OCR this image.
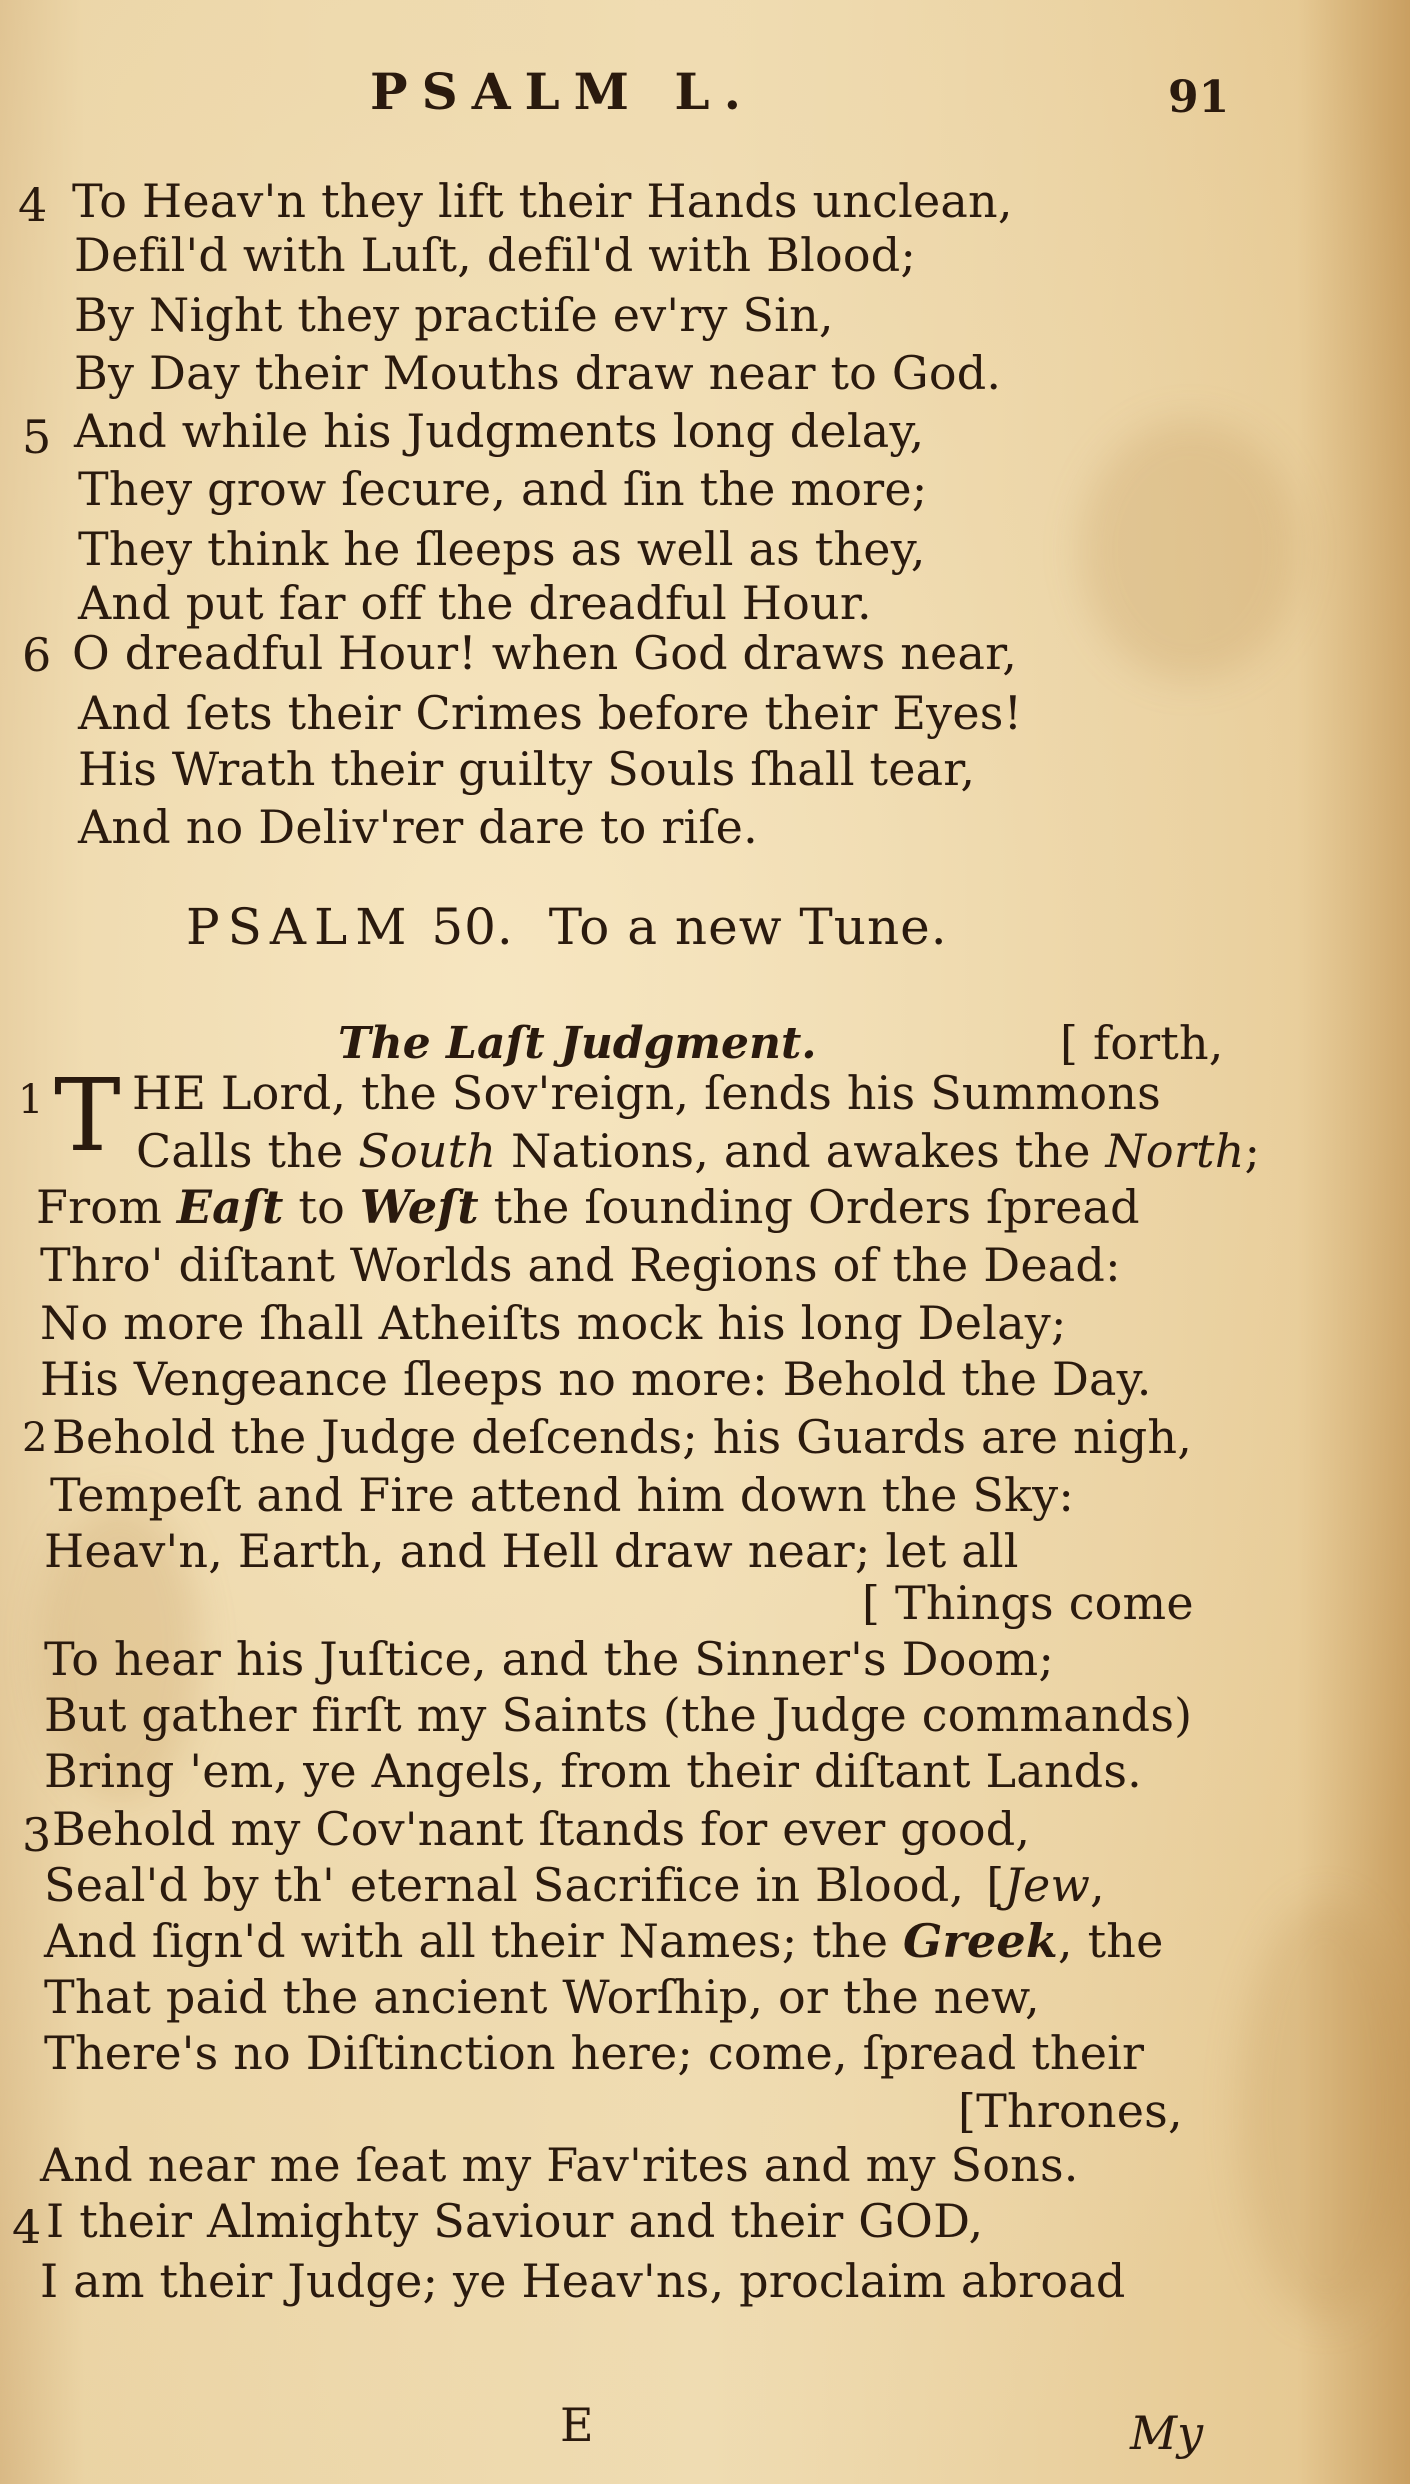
PSALM L.	91
4 To Heav'n they lift their Hands unclean,
Defil'd with Luſt, defil'd with Blood;
By Night they practiſe ev'ry Sin,
By Day their Mouths draw near to God.
5 And while his Judgments long delay,
They grow ſecure, and ſin the more;
They think he ſleeps as well as they,
And put far off the dreadful Hour.
6 O dreadful Hour! when God draws near,
And ſets their Crimes before their Eyes!
His Wrath their guilty Souls ſhall tear,
And no Deliv'rer dare to riſe.
PSALM 50. To a new Tune.
The Laſt Judgment.	[ forth,
1 T HE Lord, the Sov'reign, ſends his Summons
Calls the South Nations, and awakes the North;
From Eaſt to Weſt the ſounding Orders ſpread
Thro' diſtant Worlds and Regions of the Dead:
No more ſhall Atheiſts mock his long Delay;
His Vengeance ſleeps no more: Behold the Day.
2 Behold the Judge deſcends; his Guards are nigh,
Tempeſt and Fire attend him down the Sky:
Heav'n, Earth, and Hell draw near; let all
[ Things come
To hear his Juſtice, and the Sinner's Doom;
But gather firſt my Saints (the Judge commands)
Bring 'em, ye Angels, from their diſtant Lands.
3 Behold my Cov'nant ſtands for ever good,
Seal'd by th' eternal Sacrifice in Blood, [Jew,
And ſign'd with all their Names; the Greek, the
That paid the ancient Worſhip, or the new,
There's no Diſtinction here; come, ſpread their
[Thrones,
And near me ſeat my Fav'rites and my Sons.
4 I their Almighty Saviour and their GOD,
I am their Judge; ye Heav'ns, proclaim abroad
E	My
